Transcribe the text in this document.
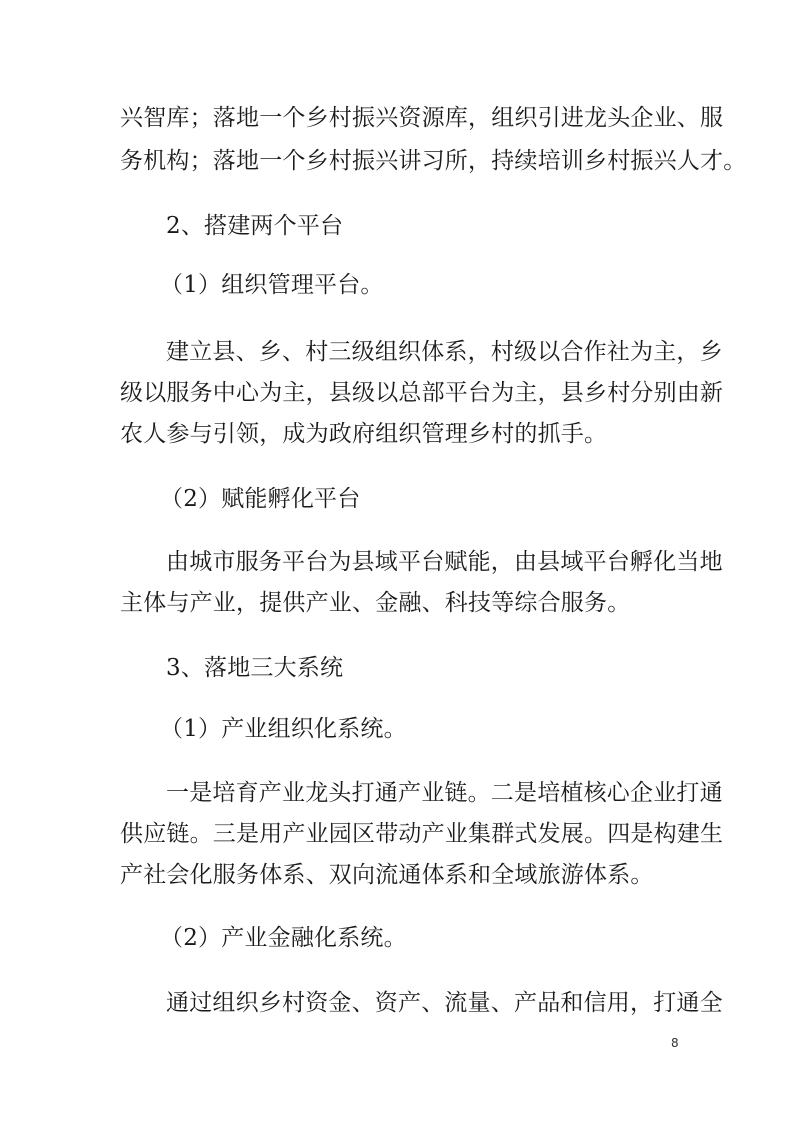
兴智库；落地一个乡村振兴资源库，组织引进龙头企业、服
务机构；落地一个乡村振兴讲习所，持续培训乡村振兴人才。
2、搭建两个平台
（1）组织管理平台。
建立县、乡、村三级组织体系，村级以合作社为主，乡
级以服务中心为主，县级以总部平台为主，县乡村分别由新
农人参与引领，成为政府组织管理乡村的抓手。
（2）赋能孵化平台
由城市服务平台为县域平台赋能，由县域平台孵化当地
主体与产业，提供产业、金融、科技等综合服务。
3、落地三大系统
（1）产业组织化系统。
一是培育产业龙头打通产业链。二是培植核心企业打通
供应链。三是用产业园区带动产业集群式发展。四是构建生
产社会化服务体系、双向流通体系和全域旅游体系。
（2）产业金融化系统。
通过组织乡村资金、资产、流量、产品和信用，打通全
8
